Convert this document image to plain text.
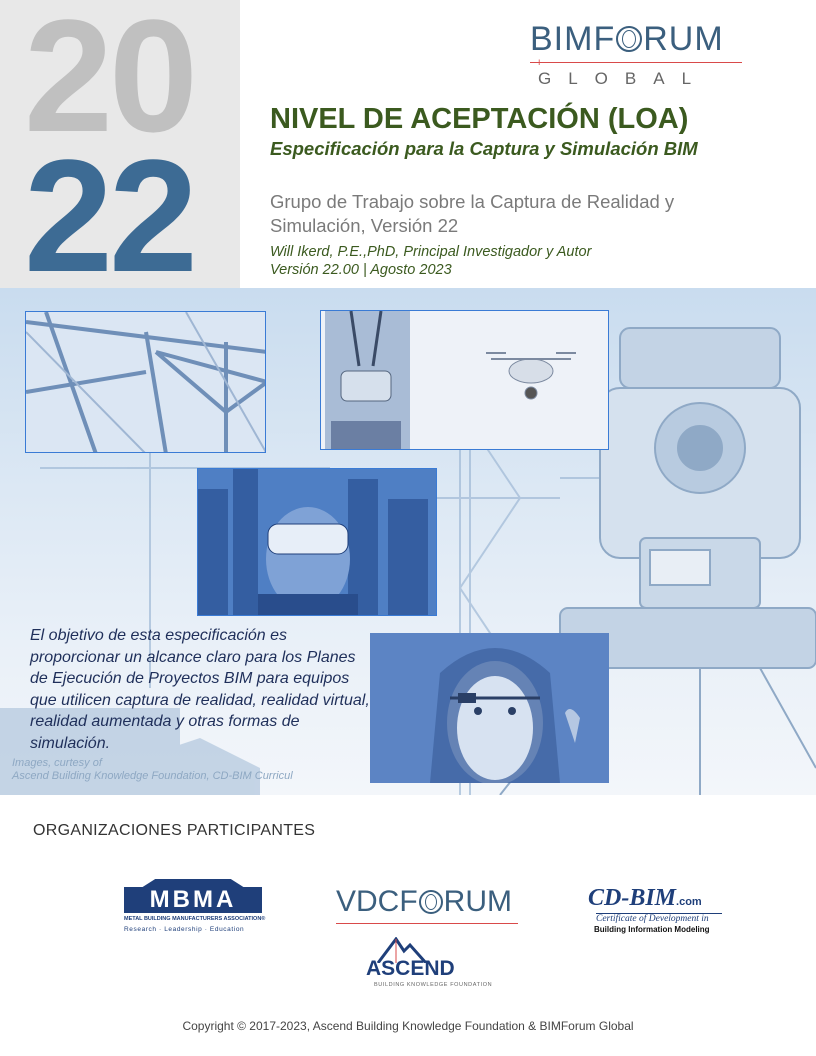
20
22
BIMF RUM
+
GLOBAL
NIVEL DE ACEPTACIÓN (LOA)
Especificación para la Captura y Simulación BIM
Grupo de Trabajo sobre la Captura de Realidad y Simulación, Versión 22
Will Ikerd, P.E.,PhD, Principal Investigador y Autor
Versión 22.00 | Agosto 2023
El objetivo de esta especificación es proporcionar un alcance claro para los Planes de Ejecución de Proyectos BIM para equipos que utilicen captura de realidad, realidad virtual, realidad aumentada y otras formas de simulación.
Images, curtesy of
Ascend Building Knowledge Foundation, CD-BIM Curricul
ORGANIZACIONES PARTICIPANTES
MBMA
METAL BUILDING MANUFACTURERS ASSOCIATION®
Research · Leadership · Education
VDCF RUM	CD-BIM.com
Certificate of Development in
Building Information Modeling
ASCEND
BUILDING KNOWLEDGE FOUNDATION
Copyright © 2017-2023, Ascend Building Knowledge Foundation & BIMForum Global
